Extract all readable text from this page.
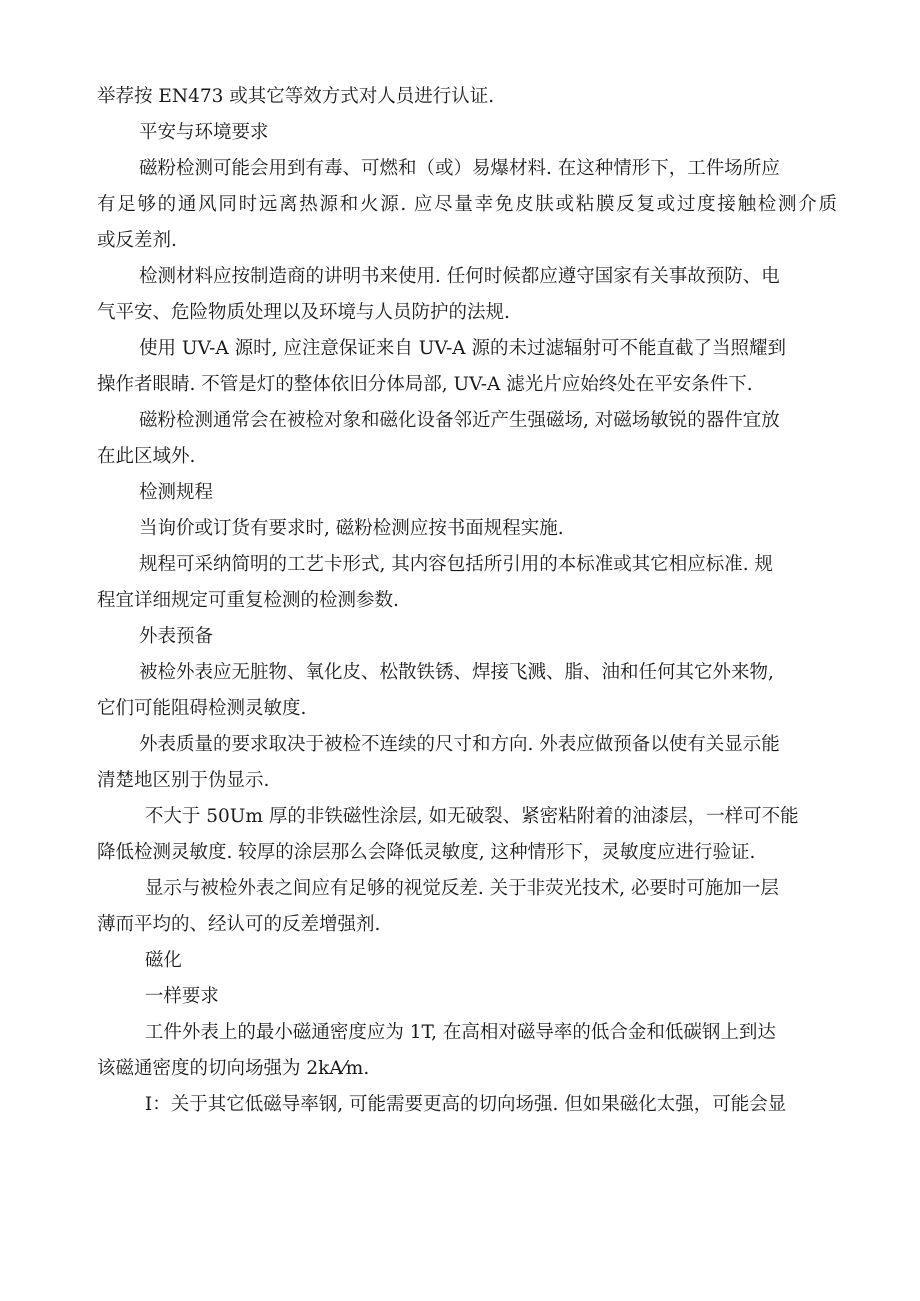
举荐按 EN473 或其它等效方式对人员进行认证.
平安与环境要求
磁粉检测可能会用到有毒、可燃和（或）易爆材料. 在这种情形下，工件场所应
有足够的通风同时远离热源和火源. 应尽量幸免皮肤或粘膜反复或过度接触检测介质
或反差剂.
检测材料应按制造商的讲明书来使用. 任何时候都应遵守国家有关事故预防、电
气平安、危险物质处理以及环境与人员防护的法规.
使用 UV-A 源时, 应注意保证来自 UV-A 源的未过滤辐射可不能直截了当照耀到
操作者眼睛. 不管是灯的整体依旧分体局部, UV-A 滤光片应始终处在平安条件下.
磁粉检测通常会在被检对象和磁化设备邻近产生强磁场, 对磁场敏锐的器件宜放
在此区域外.
检测规程
当询价或订货有要求时, 磁粉检测应按书面规程实施.
规程可采纳简明的工艺卡形式, 其内容包括所引用的本标准或其它相应标准. 规
程宜详细规定可重复检测的检测参数.
外表预备
被检外表应无脏物、氧化皮、松散铁锈、焊接飞溅、脂、油和任何其它外来物,
它们可能阻碍检测灵敏度.
外表质量的要求取决于被检不连续的尺寸和方向. 外表应做预备以使有关显示能
清楚地区别于伪显示.
不大于 50Um 厚的非铁磁性涂层, 如无破裂、紧密粘附着的油漆层，一样可不能
降低检测灵敏度. 较厚的涂层那么会降低灵敏度, 这种情形下，灵敏度应进行验证.
显示与被检外表之间应有足够的视觉反差. 关于非荧光技术, 必要时可施加一层
薄而平均的、经认可的反差增强剂.
磁化
一样要求
工件外表上的最小磁通密度应为 1T, 在高相对磁导率的低合金和低碳钢上到达
该磁通密度的切向场强为 2kA⁄m.
I：关于其它低磁导率钢, 可能需要更高的切向场强. 但如果磁化太强，可能会显
